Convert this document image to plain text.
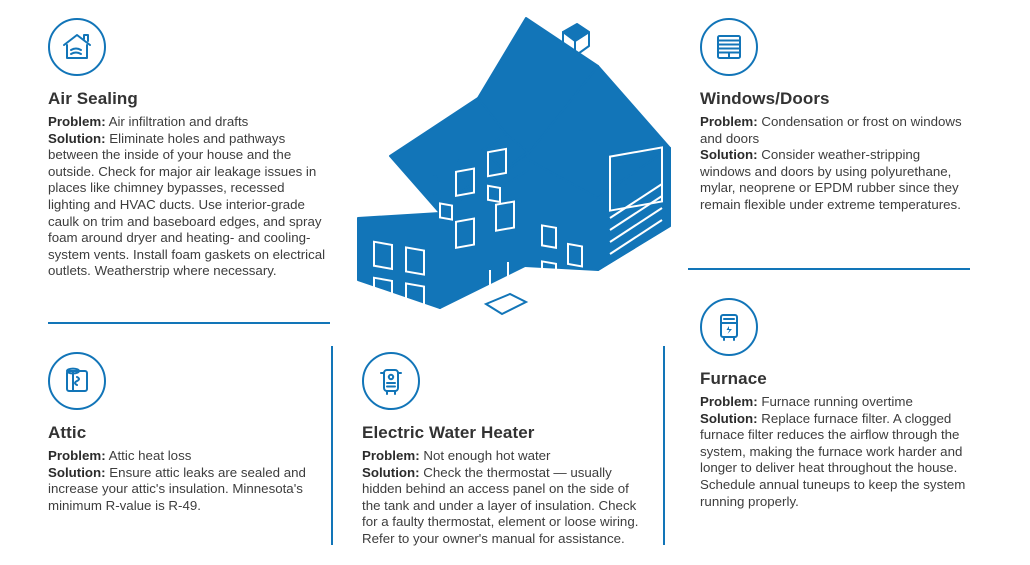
Air Sealing
Problem: Air infiltration and drafts
Solution: Eliminate holes and pathways between the inside of your house and the outside. Check for major air leakage issues in places like chimney bypasses, recessed lighting and HVAC ducts. Use interior-grade caulk on trim and baseboard edges, and spray foam around dryer and heating- and cooling-system vents. Install foam gaskets on electrical outlets. Weatherstrip where necessary.
Attic
Problem: Attic heat loss
Solution: Ensure attic leaks are sealed and increase your attic's insulation. Minnesota's minimum R-value is R-49.
Electric Water Heater
Problem: Not enough hot water
Solution: Check the thermostat — usually hidden behind an access panel on the side of the tank and under a layer of insulation. Check for a faulty thermostat, element or loose wiring. Refer to your owner's manual for assistance.
Windows/Doors
Problem: Condensation or frost on windows and doors
Solution: Consider weather-stripping windows and doors by using polyurethane, mylar, neoprene or EPDM rubber since they remain flexible under extreme temperatures.
Furnace
Problem: Furnace running overtime
Solution: Replace furnace filter. A clogged furnace filter reduces the airflow through the system, making the furnace work harder and longer to deliver heat throughout the house. Schedule annual tuneups to keep the system running properly.
